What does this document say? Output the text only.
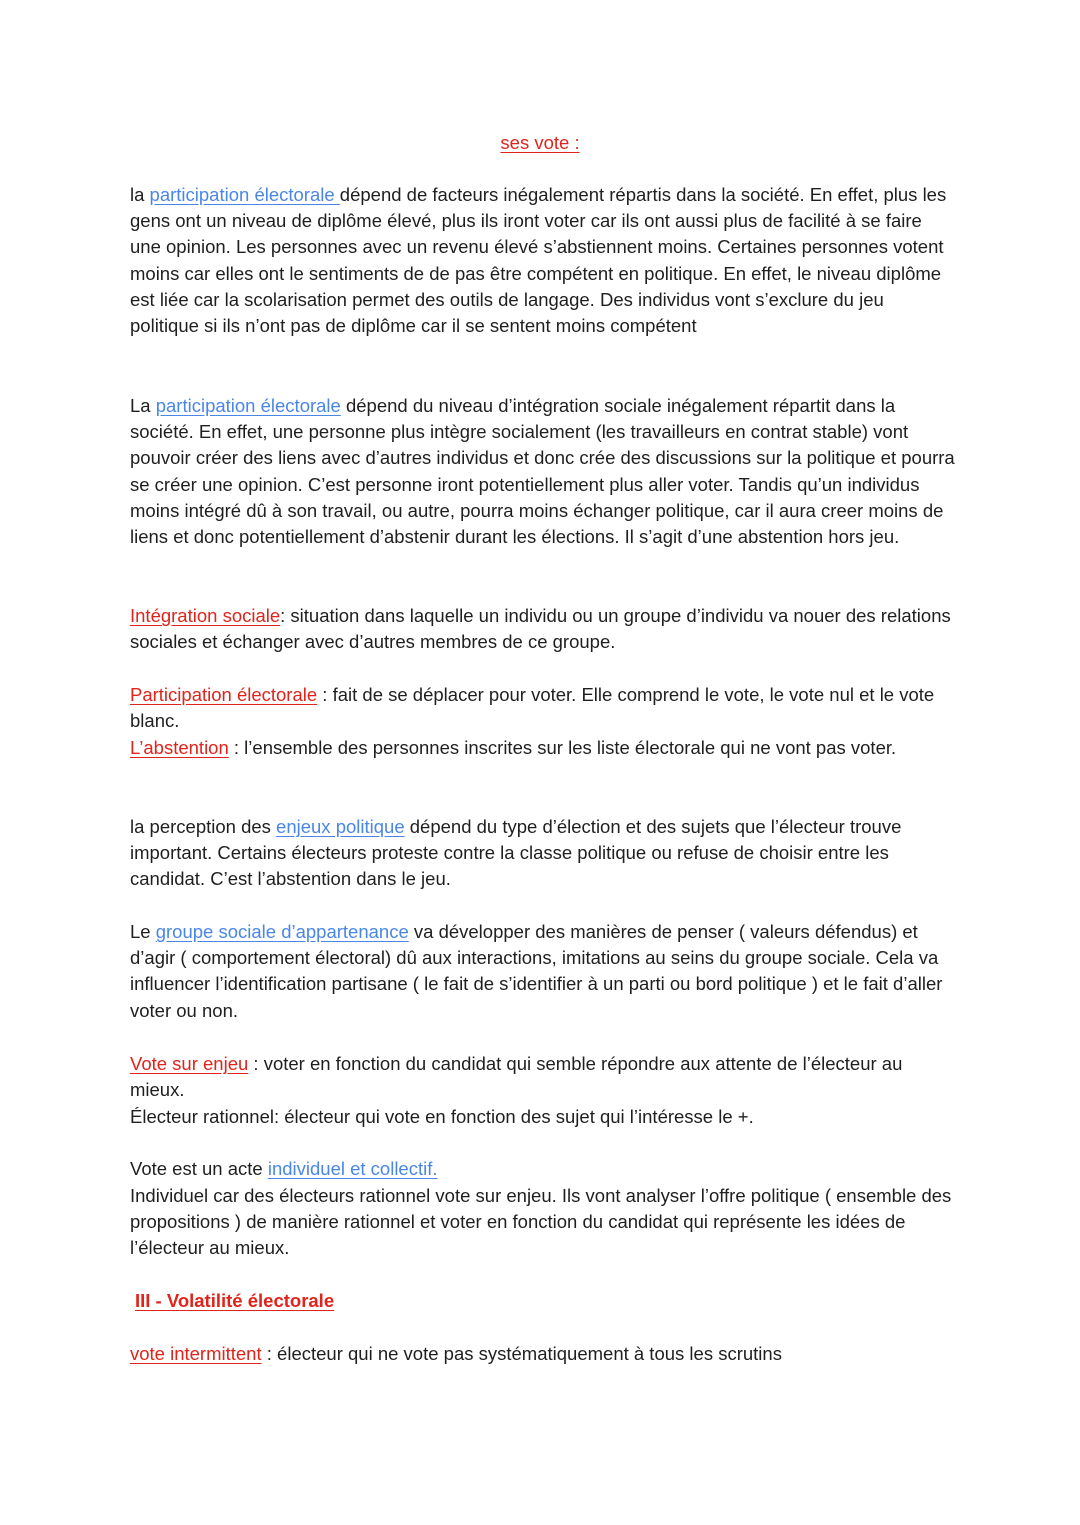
ses vote :

la participation électorale dépend de facteurs inégalement répartis dans la société. En effet, plus les gens ont un niveau de diplôme élevé, plus ils iront voter car ils ont aussi plus de facilité à se faire une opinion. Les personnes avec un revenu élevé s’abstiennent moins. Certaines personnes votent moins car elles ont le sentiments de de pas être compétent en politique. En effet, le niveau diplôme est liée car la scolarisation permet des outils de langage. Des individus vont s’exclure du jeu politique si ils n’ont pas de diplôme car il se sentent moins compétent

La participation électorale dépend du niveau d’intégration sociale inégalement répartit dans la société. En effet, une personne plus intègre socialement (les travailleurs en contrat stable) vont pouvoir créer des liens avec d’autres individus et donc crée des discussions sur la politique et pourra se créer une opinion. C’est personne iront potentiellement plus aller voter. Tandis qu’un individus moins intégré dû à son travail, ou autre, pourra moins échanger politique, car il aura creer moins de liens et donc potentiellement d’abstenir durant les élections. Il s’agit d’une abstention hors jeu.

Intégration sociale: situation dans laquelle un individu ou un groupe d’individu va nouer des relations sociales et échanger avec d’autres membres de ce groupe.

Participation électorale : fait de se déplacer pour voter. Elle comprend le vote, le vote nul et le vote blanc.

L’abstention : l’ensemble des personnes inscrites sur les liste électorale qui ne vont pas voter.

la perception des enjeux politique dépend du type d’élection et des sujets que l’électeur trouve important. Certains électeurs proteste contre la classe politique ou refuse de choisir entre les candidat. C’est l’abstention dans le jeu.

Le groupe sociale d’appartenance va développer des manières de penser ( valeurs défendus) et d’agir ( comportement électoral) dû aux interactions, imitations au seins du groupe sociale. Cela va influencer l’identification partisane ( le fait de s’identifier à un parti ou bord politique ) et le fait d’aller voter ou non.

Vote sur enjeu : voter en fonction du candidat qui semble répondre aux attente de l’électeur au mieux.

Électeur rationnel: électeur qui vote en fonction des sujet qui l’intéresse le +.

Vote est un acte individuel et collectif.

Individuel car des électeurs rationnel vote sur enjeu. Ils vont analyser l’offre politique ( ensemble des propositions ) de manière rationnel et voter en fonction du candidat qui représente les idées de l’électeur au mieux.

III - Volatilité électorale

vote intermittent : électeur qui ne vote pas systématiquement à tous les scrutins
